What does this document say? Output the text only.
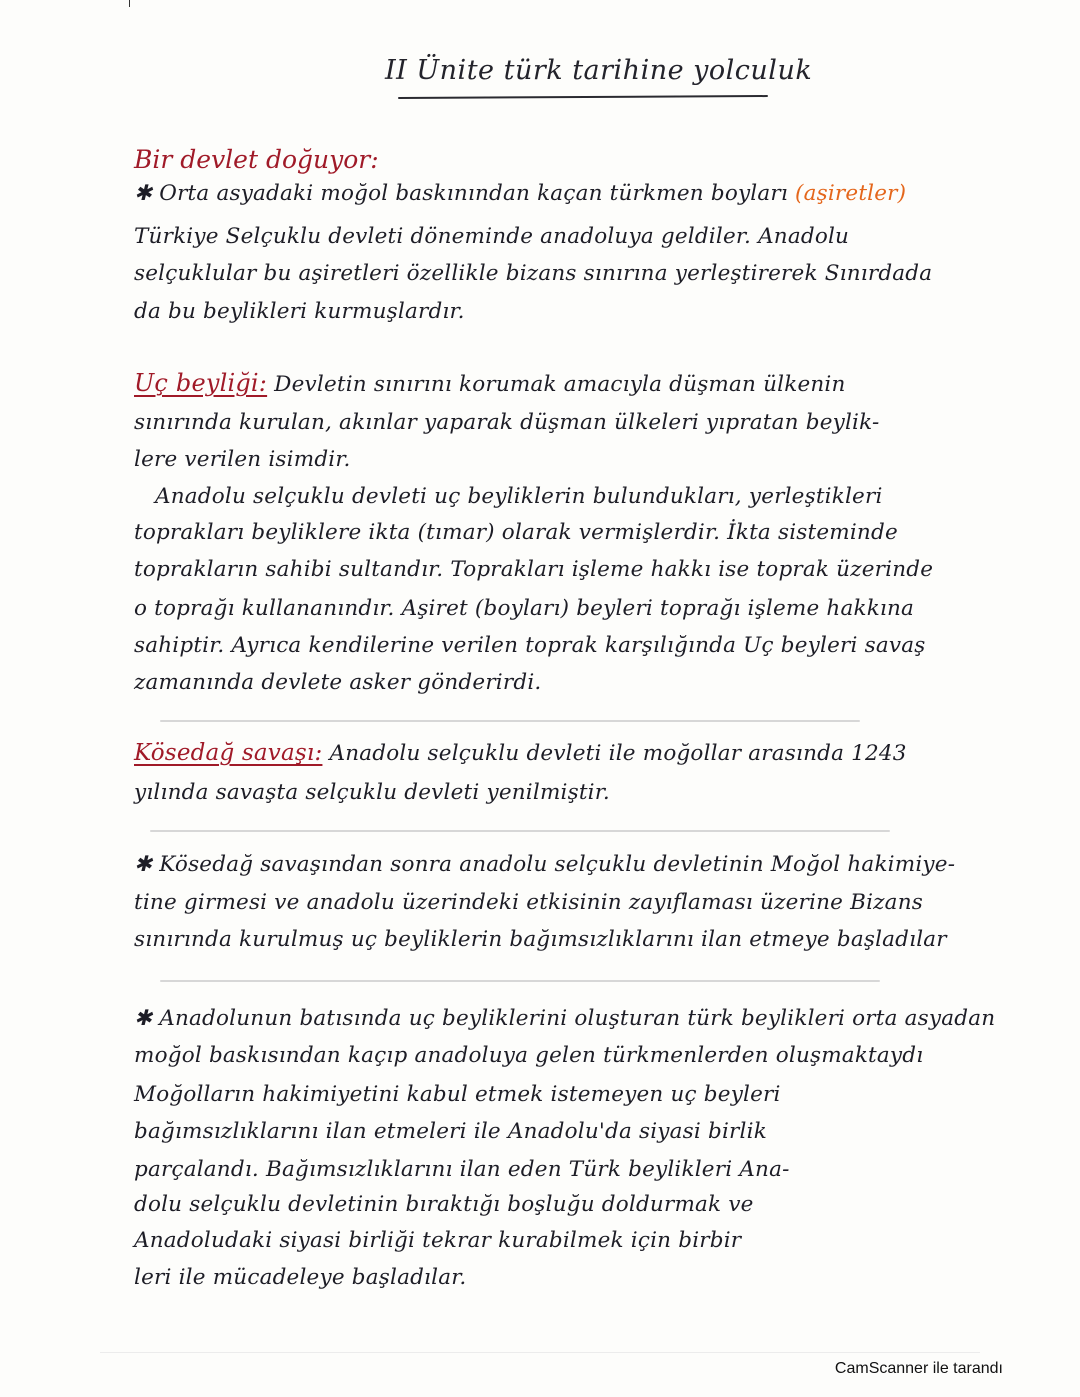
II Ünite türk tarihine yolculuk
Bir devlet doğuyor:
✱ Orta asyadaki moğol baskınından kaçan türkmen boyları (aşiretler)
Türkiye Selçuklu devleti döneminde anadoluya geldiler. Anadolu
selçuklular bu aşiretleri özellikle bizans sınırına yerleştirerek Sınırdada
da bu beylikleri kurmuşlardır.
Uç beyliği: Devletin sınırını korumak amacıyla düşman ülkenin
sınırında kurulan, akınlar yaparak düşman ülkeleri yıpratan beylik-
lere verilen isimdir.
Anadolu selçuklu devleti uç beyliklerin bulundukları, yerleştikleri
toprakları beyliklere ikta (tımar) olarak vermişlerdir. İkta sisteminde
toprakların sahibi sultandır. Toprakları işleme hakkı ise toprak üzerinde
o toprağı kullananındır. Aşiret (boyları) beyleri toprağı işleme hakkına
sahiptir. Ayrıca kendilerine verilen toprak karşılığında Uç beyleri savaş
zamanında devlete asker gönderirdi.
Kösedağ savaşı: Anadolu selçuklu devleti ile moğollar arasında 1243
yılında savaşta selçuklu devleti yenilmiştir.
✱ Kösedağ savaşından sonra anadolu selçuklu devletinin Moğol hakimiye-
tine girmesi ve anadolu üzerindeki etkisinin zayıflaması üzerine Bizans
sınırında kurulmuş uç beyliklerin bağımsızlıklarını ilan etmeye başladılar
✱ Anadolunun batısında uç beyliklerini oluşturan türk beylikleri orta asyadan
moğol baskısından kaçıp anadoluya gelen türkmenlerden oluşmaktaydı
Moğolların hakimiyetini kabul etmek istemeyen uç beyleri
bağımsızlıklarını ilan etmeleri ile Anadolu'da siyasi birlik
parçalandı. Bağımsızlıklarını ilan eden Türk beylikleri Ana-
dolu selçuklu devletinin bıraktığı boşluğu doldurmak ve
Anadoludaki siyasi birliği tekrar kurabilmek için birbir
leri ile mücadeleye başladılar.
CamScanner ile tarandı
